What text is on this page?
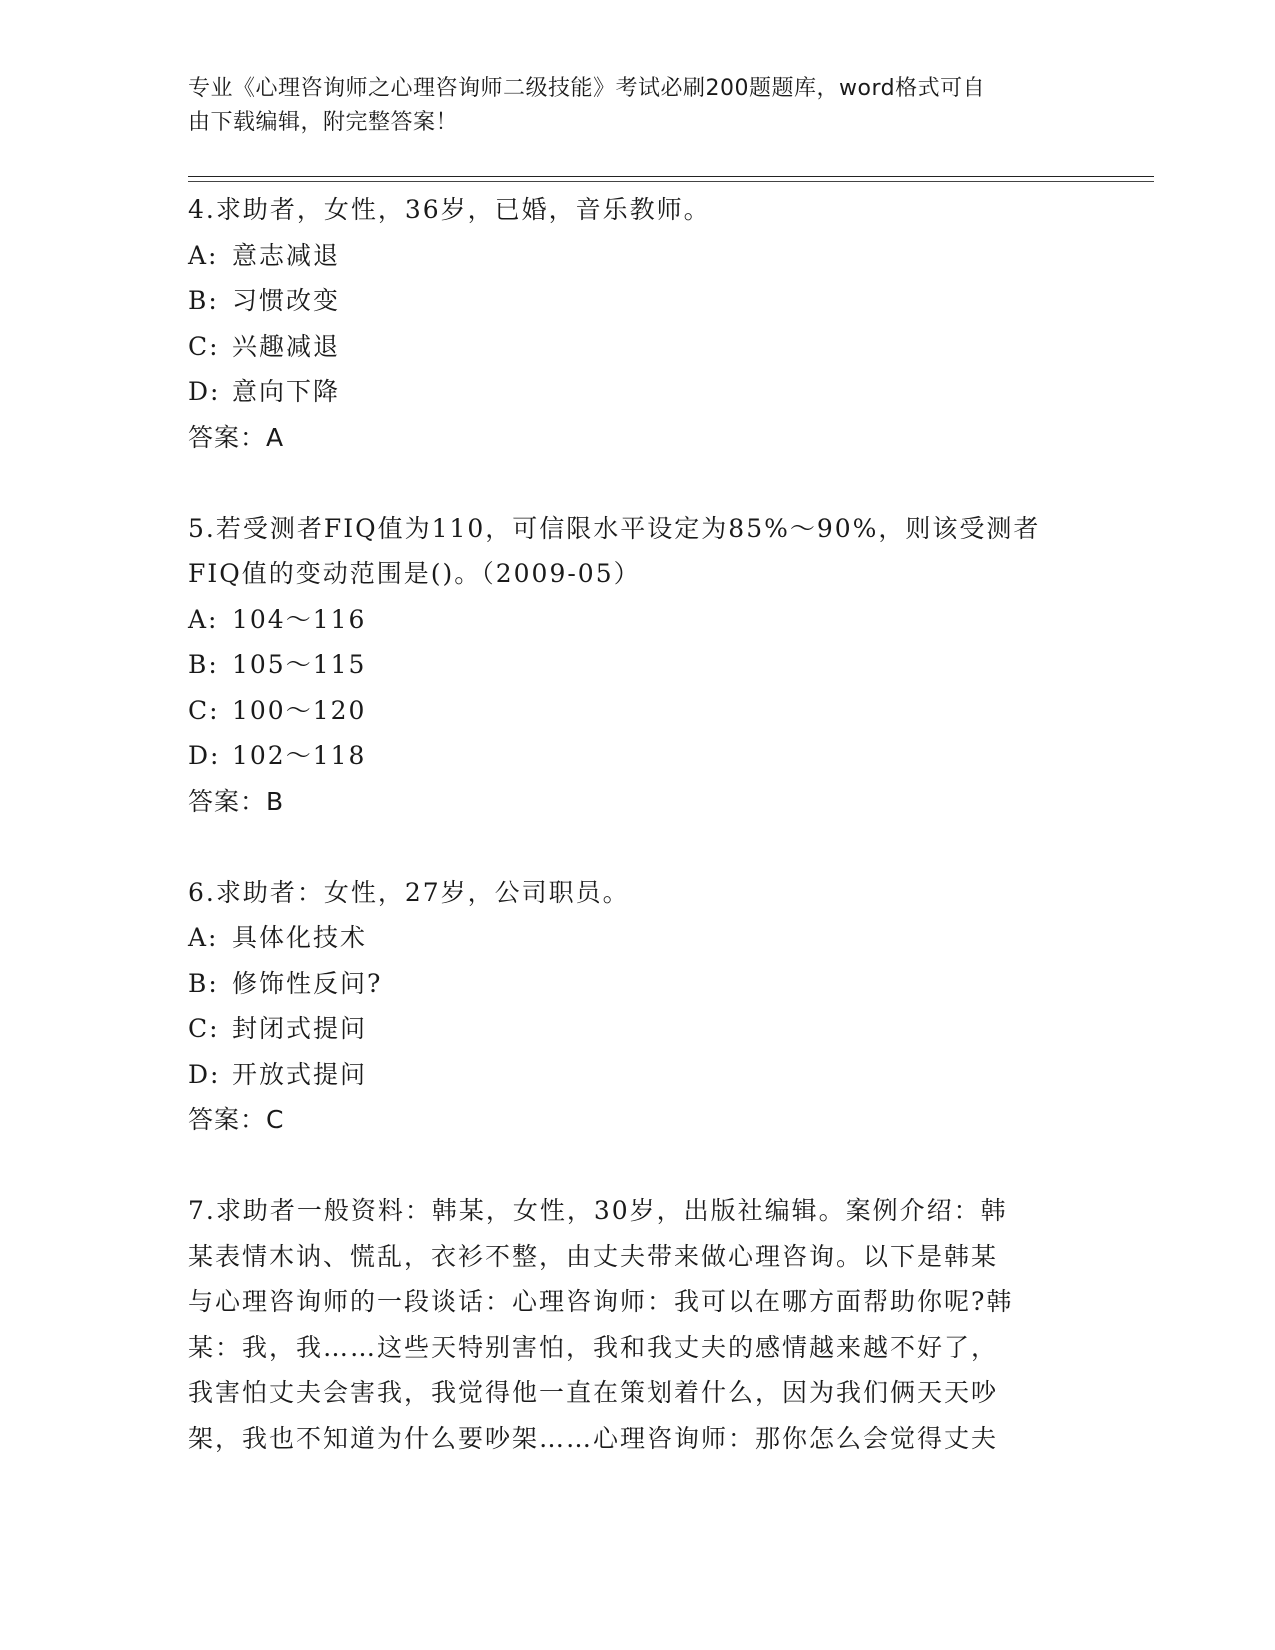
专业《心理咨询师之心理咨询师二级技能》考试必刷200题题库，word格式可自
由下载编辑，附完整答案！
4.求助者，女性，36岁，已婚，音乐教师。
A: 意志减退
B: 习惯改变
C: 兴趣减退
D: 意向下降
答案：A
5.若受测者FIQ值为110，可信限水平设定为85%～90%，则该受测者
FIQ值的变动范围是()。（2009-05）
A: 104～116
B: 105～115
C: 100～120
D: 102～118
答案：B
6.求助者：女性，27岁，公司职员。
A: 具体化技术
B: 修饰性反问?
C: 封闭式提问
D: 开放式提问
答案：C
7.求助者一般资料：韩某，女性，30岁，出版社编辑。案例介绍：韩
某表情木讷、慌乱，衣衫不整，由丈夫带来做心理咨询。以下是韩某
与心理咨询师的一段谈话：心理咨询师：我可以在哪方面帮助你呢?韩
某：我，我……这些天特别害怕，我和我丈夫的感情越来越不好了，
我害怕丈夫会害我，我觉得他一直在策划着什么，因为我们俩天天吵
架，我也不知道为什么要吵架……心理咨询师：那你怎么会觉得丈夫
